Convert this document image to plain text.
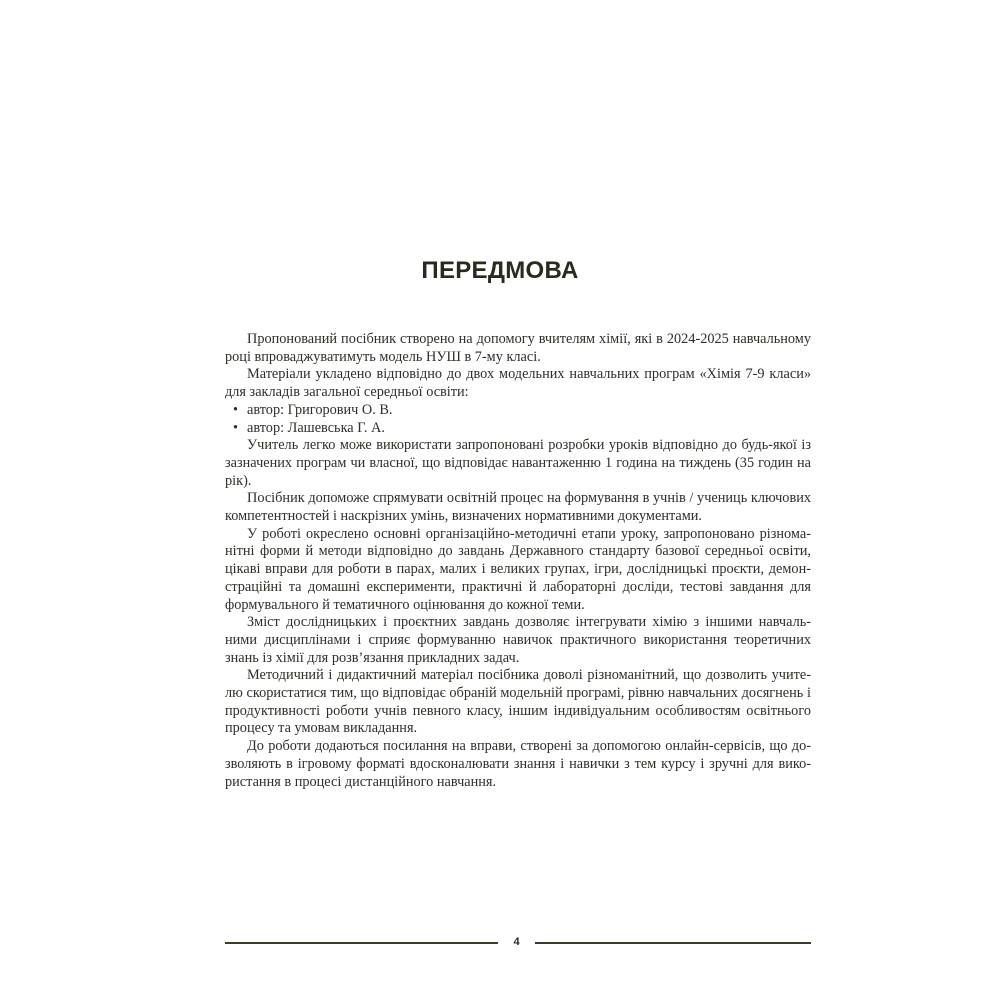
ПЕРЕДМОВА

Пропонований посібник створено на допомогу вчителям хімії, які в 2024-2025 навчальному році впроваджуватимуть модель НУШ в 7-му класі.

Матеріали укладено відповідно до двох модельних навчальних програм «Хімія 7-9 класи» для закладів загальної середньої освіти:

• автор: Григорович О. В.
• автор: Лашевська Г. А.

Учитель легко може використати запропоновані розробки уроків відповідно до будь-якої із зазначених програм чи власної, що відповідає навантаженню 1 година на тиждень (35 годин на рік).

Посібник допоможе спрямувати освітній процес на формування в учнів / учениць ключових компетентностей і наскрізних умінь, визначених нормативними документами.

У роботі окреслено основні організаційно-методичні етапи уроку, запропоновано різноманітні форми й методи відповідно до завдань Державного стандарту базової середньої освіти, цікаві вправи для роботи в парах, малих і великих групах, ігри, дослідницькі проєкти, демонстраційні та домашні експерименти, практичні й лабораторні досліди, тестові завдання для формувального й тематичного оцінювання до кожної теми.

Зміст дослідницьких і проєктних завдань дозволяє інтегрувати хімію з іншими навчальними дисциплінами і сприяє формуванню навичок практичного використання теоретичних знань із хімії для розв’язання прикладних задач.

Методичний і дидактичний матеріал посібника доволі різноманітний, що дозволить учителю скористатися тим, що відповідає обраній модельній програмі, рівню навчальних досягнень і продуктивності роботи учнів певного класу, іншим індивідуальним особливостям освітнього процесу та умовам викладання.

До роботи додаються посилання на вправи, створені за допомогою онлайн-сервісів, що дозволяють в ігровому форматі вдосконалювати знання і навички з тем курсу і зручні для використання в процесі дистанційного навчання.

4
